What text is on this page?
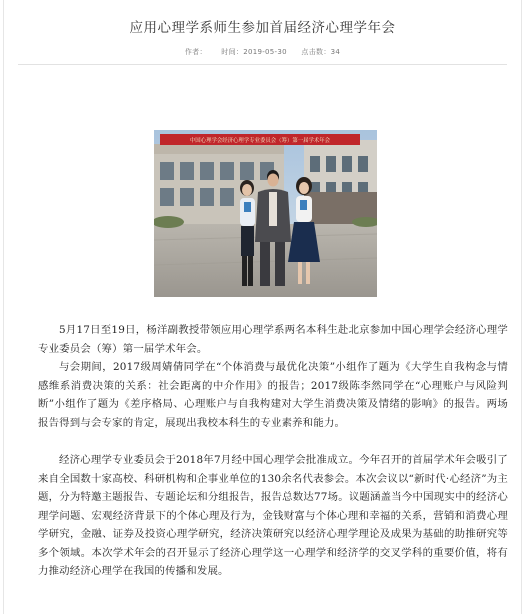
应用心理学系师生参加首届经济心理学年会
作者： 时间：2019-05-30 点击数：34
中国心理学会经济心理学专业委员会（筹）第一届学术年会

5月17日至19日，杨洋副教授带领应用心理学系两名本科生赴北京参加中国心理学会经济心理学专业委员会（筹）第一届学术年会。

与会期间，2017级周婧倩同学在“个体消费与最优化决策”小组作了题为《大学生自我构念与情感维系消费决策的关系：社会距离的中介作用》的报告；2017级陈李然同学在“心理账户与风险判断”小组作了题为《差序格局、心理账户与自我构建对大学生消费决策及情绪的影响》的报告。两场报告得到与会专家的肯定，展现出我校本科生的专业素养和能力。

经济心理学专业委员会于2018年7月经中国心理学会批准成立。今年召开的首届学术年会吸引了来自全国数十家高校、科研机构和企事业单位的130余名代表参会。本次会议以“新时代·心经济”为主题，分为特邀主题报告、专题论坛和分组报告，报告总数达77场。议题涵盖当今中国现实中的经济心理学问题、宏观经济背景下的个体心理及行为，金钱财富与个体心理和幸福的关系，营销和消费心理学研究，金融、证券及投资心理学研究，经济决策研究以经济心理学理论及成果为基础的助推研究等多个领域。本次学术年会的召开显示了经济心理学这一心理学和经济学的交叉学科的重要价值，将有力推动经济心理学在我国的传播和发展。
